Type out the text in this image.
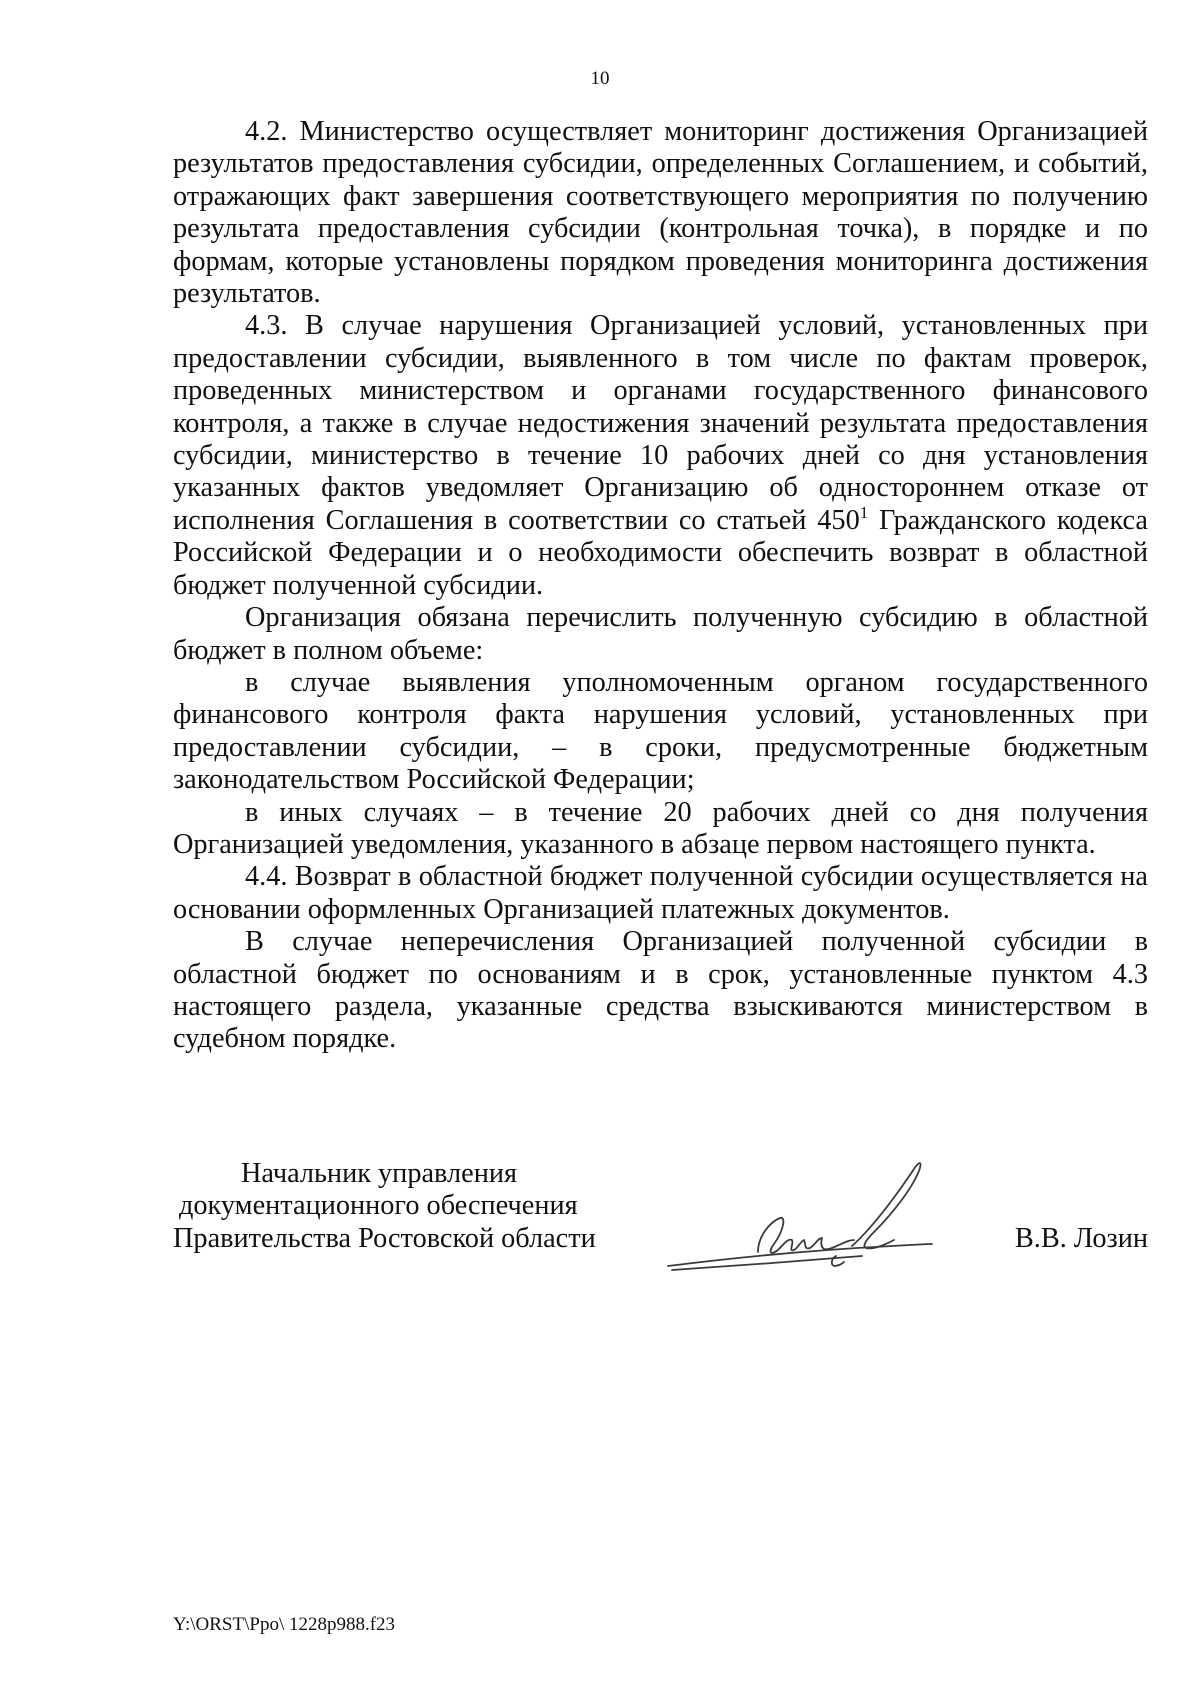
10

4.2. Министерство осуществляет мониторинг достижения Организацией результатов предоставления субсидии, определенных Соглашением, и событий, отражающих факт завершения соответствующего мероприятия по получению результата предоставления субсидии (контрольная точка), в порядке и по формам, которые установлены порядком проведения мониторинга достижения результатов.

4.3. В случае нарушения Организацией условий, установленных при предоставлении субсидии, выявленного в том числе по фактам проверок, проведенных министерством и органами государственного финансового контроля, а также в случае недостижения значений результата предоставления субсидии, министерство в течение 10 рабочих дней со дня установления указанных фактов уведомляет Организацию об одностороннем отказе от исполнения Соглашения в соответствии со статьей $450^1$ Гражданского кодекса Российской Федерации и о необходимости обеспечить возврат в областной бюджет полученной субсидии.

Организация обязана перечислить полученную субсидию в областной бюджет в полном объеме:

в случае выявления уполномоченным органом государственного финансового контроля факта нарушения условий, установленных при предоставлении субсидии, – в сроки, предусмотренные бюджетным законодательством Российской Федерации;

в иных случаях – в течение 20 рабочих дней со дня получения Организацией уведомления, указанного в абзаце первом настоящего пункта.

4.4. Возврат в областной бюджет полученной субсидии осуществляется на основании оформленных Организацией платежных документов.

В случае неперечисления Организацией полученной субсидии в областной бюджет по основаниям и в срок, установленные пунктом 4.3 настоящего раздела, указанные средства взыскиваются министерством в судебном порядке.

Начальник управления
документационного обеспечения
Правительства Ростовской области	В.В. Лозин
Y:\ORST\Ppo\ 1228p988.f23
